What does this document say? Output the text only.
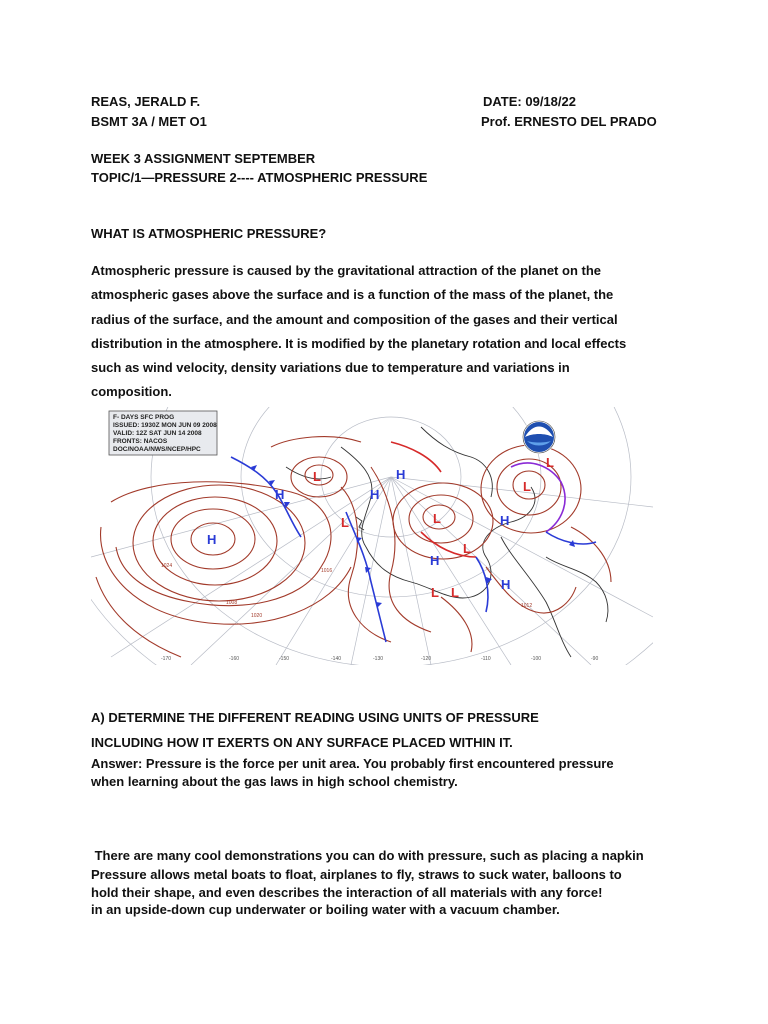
REAS, JERALD F.	DATE: 09/18/22
BSMT 3A / MET O1	Prof. ERNESTO DEL PRADO
WEEK 3 ASSIGNMENT SEPTEMBER
TOPIC/1—PRESSURE 2---- ATMOSPHERIC PRESSURE
WHAT IS ATMOSPHERIC PRESSURE?
Atmospheric pressure is caused by the gravitational attraction of the planet on the
atmospheric gases above the surface and is a function of the mass of the planet, the
radius of the surface, and the amount and composition of the gases and their vertical
distribution in the atmosphere. It is modified by the planetary rotation and local effects
such as wind velocity, density variations due to temperature and variations in
composition.
H
H
H
H
H
H
H
L
L
L
L
L
L L
L
1024
1020
1016
1012
1008
F- DAYS SFC PROG
ISSUED: 1930Z MON JUN 09 2008
VALID: 12Z SAT JUN 14 2008
FRONTS: NACOS
DOC/NOAA/NWS/NCEP/HPC
-170	-160	-150	-140	-130	-120	-110	-100	-90
A) DETERMINE THE DIFFERENT READING USING UNITS OF PRESSURE
INCLUDING HOW IT EXERTS ON ANY SURFACE PLACED WITHIN IT.
Answer: Pressure is the force per unit area. You probably first encountered pressure
when learning about the gas laws in high school chemistry.

There are many cool demonstrations you can do with pressure, such as placing a napkin

in an upside-down cup underwater or boiling water with a vacuum chamber.

Pressure allows metal boats to float, airplanes to fly, straws to suck water, balloons to
hold their shape, and even describes the interaction of all materials with any force!
